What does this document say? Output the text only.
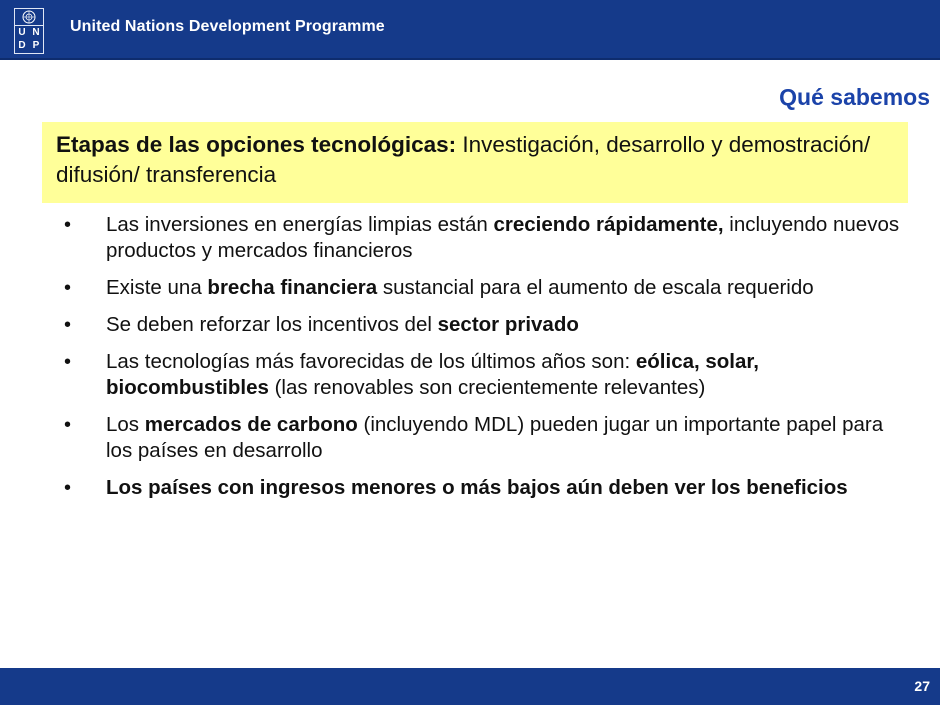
U N
D P
United Nations Development Programme
Qué sabemos
Etapas de las opciones tecnológicas: Investigación, desarrollo y demostración/ difusión/ transferencia
• Las inversiones en energías limpias están creciendo rápidamente, incluyendo nuevos productos y mercados financieros
• Existe una brecha financiera sustancial para el aumento de escala requerido
• Se deben reforzar los incentivos del sector privado
• Las tecnologías más favorecidas de los últimos años son: eólica, solar, biocombustibles (las renovables son crecientemente relevantes)
• Los mercados de carbono (incluyendo MDL) pueden jugar un importante papel para los países en desarrollo
• Los países con ingresos menores o más bajos aún deben ver los beneficios
27
